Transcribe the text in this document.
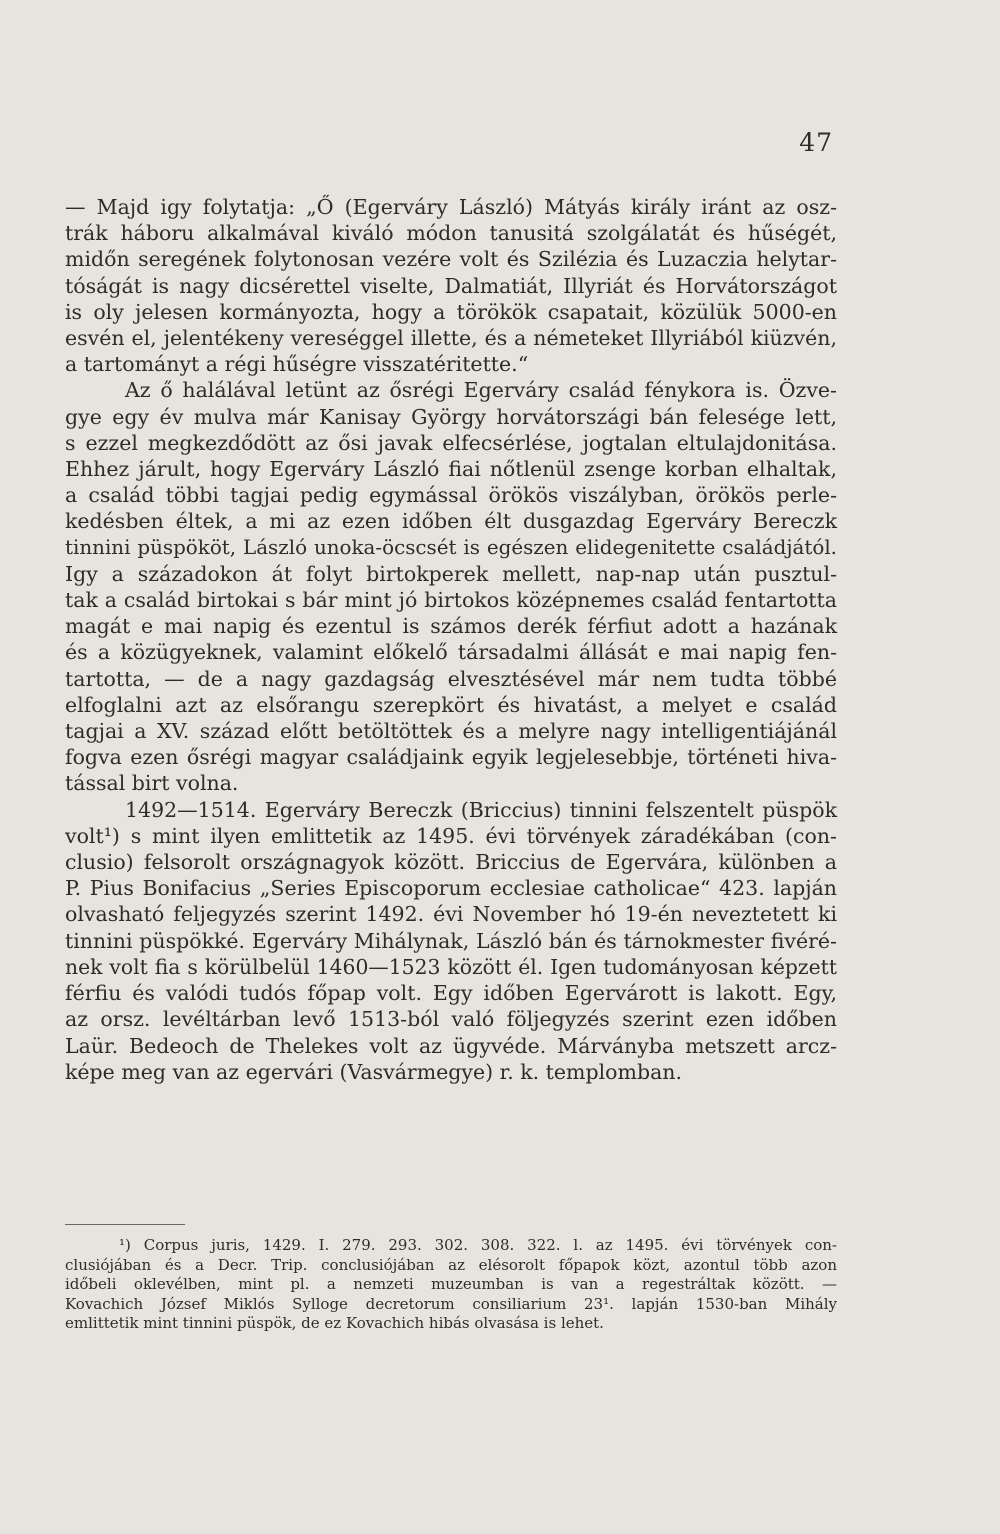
47

— Majd igy folytatja: „Ő (Egerváry László) Mátyás király iránt az osz-
trák háboru alkalmával kiváló módon tanusitá szolgálatát és hűségét,
midőn seregének folytonosan vezére volt és Szilézia és Luzaczia helytar-
tóságát is nagy dicsérettel viselte, Dalmatiát, Illyriát és Horvátországot
is oly jelesen kormányozta, hogy a törökök csapatait, közülük 5000-en
esvén el, jelentékeny vereséggel illette, és a németeket Illyriából kiüzvén,
a tartományt a régi hűségre visszatéritette.“

Az ő halálával letünt az ősrégi Egerváry család fénykora is. Özve-
gye egy év mulva már Kanisay György horvátországi bán felesége lett,
s ezzel megkezdődött az ősi javak elfecsérlése, jogtalan eltulajdonitása.
Ehhez járult, hogy Egerváry László fiai nőtlenül zsenge korban elhaltak,
a család többi tagjai pedig egymással örökös viszályban, örökös perle-
kedésben éltek, a mi az ezen időben élt dusgazdag Egerváry Bereczk
tinnini püspököt, László unoka-öcscsét is egészen elidegenitette családjától.
Igy a századokon át folyt birtokperek mellett, nap-nap után pusztul-
tak a család birtokai s bár mint jó birtokos középnemes család fentartotta
magát e mai napig és ezentul is számos derék férfiut adott a hazának
és a közügyeknek, valamint előkelő társadalmi állását e mai napig fen-
tartotta, — de a nagy gazdagság elvesztésével már nem tudta többé
elfoglalni azt az elsőrangu szerepkört és hivatást, a melyet e család
tagjai a XV. század előtt betöltöttek és a melyre nagy intelligentiájánál
fogva ezen ősrégi magyar családjaink egyik legjelesebbje, történeti hiva-
tással birt volna.

1492—1514. Egerváry Bereczk (Briccius) tinnini felszentelt püspök
volt¹) s mint ilyen emlittetik az 1495. évi törvények záradékában (con-
clusio) felsorolt országnagyok között. Briccius de Egervára, különben a
P. Pius Bonifacius „Series Episcoporum ecclesiae catholicae“ 423. lapján
olvasható feljegyzés szerint 1492. évi November hó 19-én neveztetett ki
tinnini püspökké. Egerváry Mihálynak, László bán és tárnokmester fivéré-
nek volt fia s körülbelül 1460—1523 között él. Igen tudományosan képzett
férfiu és valódi tudós főpap volt. Egy időben Egervárott is lakott. Egy,
az orsz. levéltárban levő 1513-ból való följegyzés szerint ezen időben
Laür. Bedeoch de Thelekes volt az ügyvéde. Márványba metszett arcz-
képe meg van az egervári (Vasvármegye) r. k. templomban.

¹) Corpus juris, 1429. I. 279. 293. 302. 308. 322. l. az 1495. évi törvények con-
clusiójában és a Decr. Trip. conclusiójában az elésorolt főpapok közt, azontul több azon
időbeli oklevélben, mint pl. a nemzeti muzeumban is van a regestráltak között. —
Kovachich József Miklós Sylloge decretorum consiliarium 23¹. lapján 1530-ban Mihály
emlittetik mint tinnini püspök, de ez Kovachich hibás olvasása is lehet.
